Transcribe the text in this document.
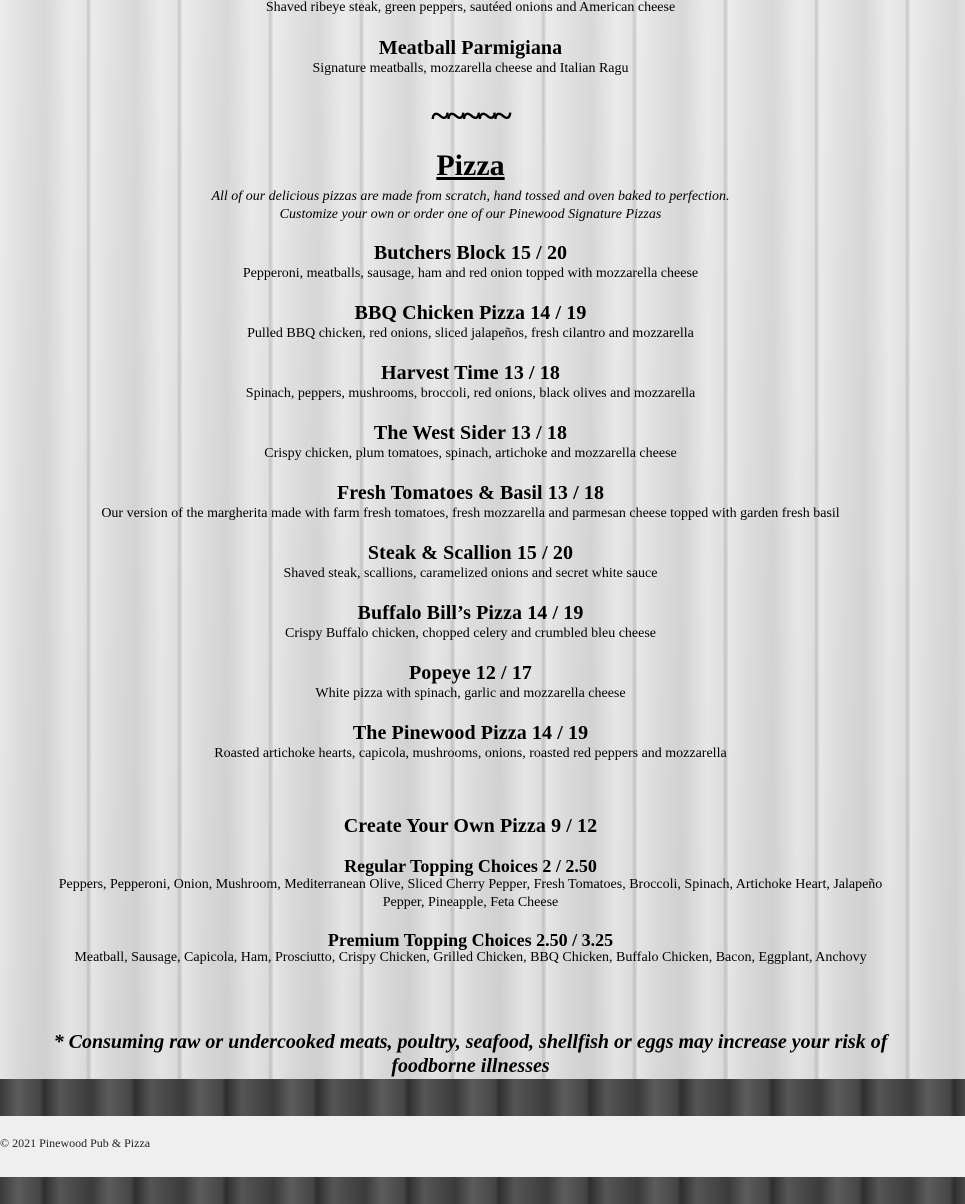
Shaved ribeye steak, green peppers, sautéed onions and American cheese
Meatball Parmigiana
Signature meatballs, mozzarella cheese and Italian Ragu
~~~~~
Pizza
All of our delicious pizzas are made from scratch, hand tossed and oven baked to perfection.
Customize your own or order one of our Pinewood Signature Pizzas
Butchers Block 15 / 20
Pepperoni, meatballs, sausage, ham and red onion topped with mozzarella cheese
BBQ Chicken Pizza 14 / 19
Pulled BBQ chicken, red onions, sliced jalapeños, fresh cilantro and mozzarella
Harvest Time 13 / 18
Spinach, peppers, mushrooms, broccoli, red onions, black olives and mozzarella
The West Sider 13 / 18
Crispy chicken, plum tomatoes, spinach, artichoke and mozzarella cheese
Fresh Tomatoes & Basil 13 / 18
Our version of the margherita made with farm fresh tomatoes, fresh mozzarella and parmesan cheese topped with garden fresh basil
Steak & Scallion 15 / 20
Shaved steak, scallions, caramelized onions and secret white sauce
Buffalo Bill’s Pizza 14 / 19
Crispy Buffalo chicken, chopped celery and crumbled bleu cheese
Popeye 12 / 17
White pizza with spinach, garlic and mozzarella cheese
The Pinewood Pizza 14 / 19
Roasted artichoke hearts, capicola, mushrooms, onions, roasted red peppers and mozzarella
Create Your Own Pizza 9 / 12
Regular Topping Choices 2 / 2.50
Peppers, Pepperoni, Onion, Mushroom, Mediterranean Olive, Sliced Cherry Pepper, Fresh Tomatoes, Broccoli, Spinach, Artichoke Heart, Jalapeño Pepper, Pineapple, Feta Cheese
Premium Topping Choices 2.50 / 3.25
Meatball, Sausage, Capicola, Ham, Prosciutto, Crispy Chicken, Grilled Chicken, BBQ Chicken, Buffalo Chicken, Bacon, Eggplant, Anchovy
* Consuming raw or undercooked meats, poultry, seafood, shellfish or eggs may increase your risk of foodborne illnesses
© 2021 Pinewood Pub & Pizza
